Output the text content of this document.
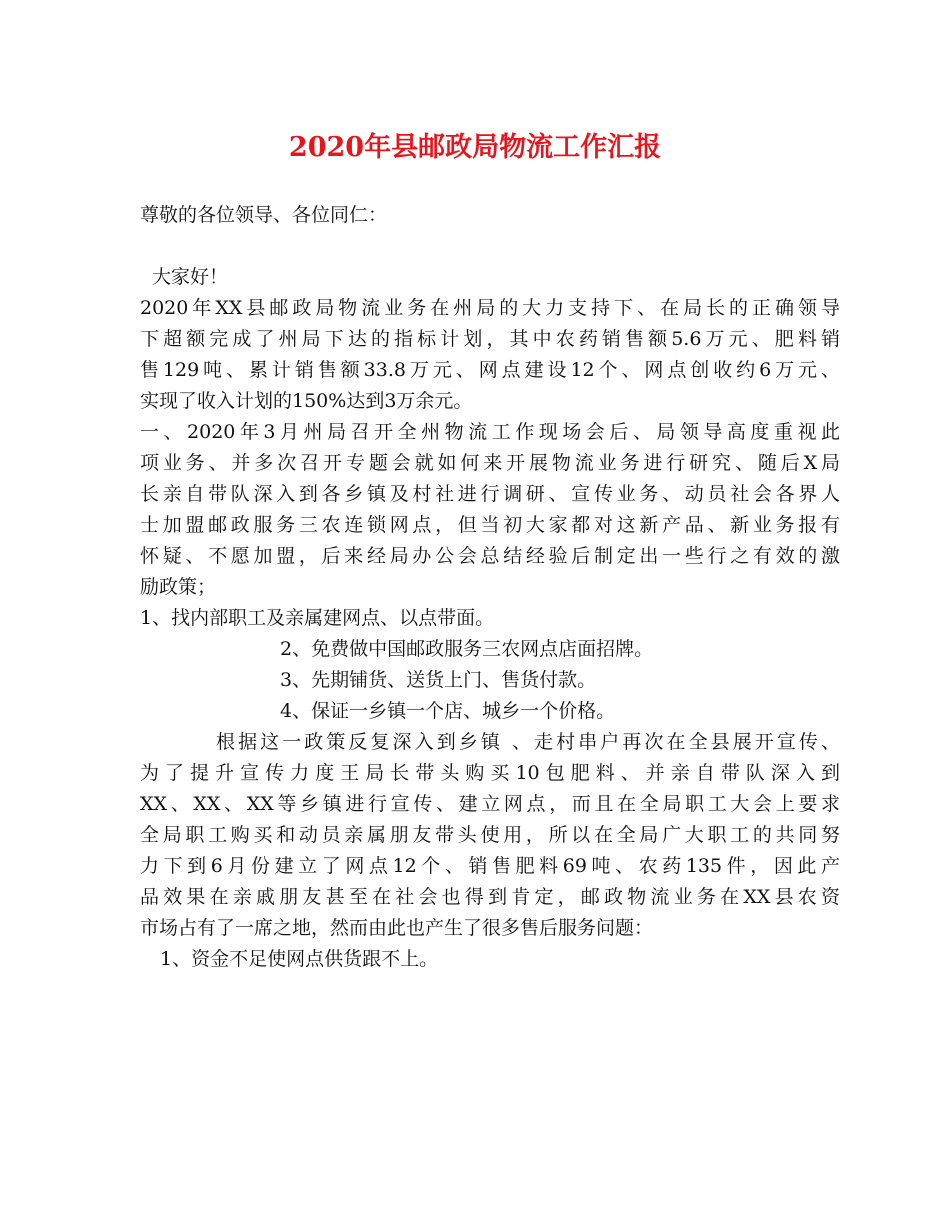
2020年县邮政局物流工作汇报
尊敬的各位领导、各位同仁：
大家好！
2020年XX县邮政局物流业务在州局的大力支持下、在局长的正确领导
下超额完成了州局下达的指标计划，其中农药销售额5.6万元、肥料销
售129吨、累计销售额33.8万元、网点建设12个、网点创收约6万元、
实现了收入计划的150%达到3万余元。
一、2020年3月州局召开全州物流工作现场会后、局领导高度重视此
项业务、并多次召开专题会就如何来开展物流业务进行研究、随后X局
长亲自带队深入到各乡镇及村社进行调研、宣传业务、动员社会各界人
士加盟邮政服务三农连锁网点，但当初大家都对这新产品、新业务报有
怀疑、不愿加盟，后来经局办公会总结经验后制定出一些行之有效的激
励政策；
1、找内部职工及亲属建网点、以点带面。
2、免费做中国邮政服务三农网点店面招牌。
3、先期铺货、送货上门、售货付款。
4、保证一乡镇一个店、城乡一个价格。
根据这一政策反复深入到乡镇 、走村串户再次在全县展开宣传、
为了提升宣传力度王局长带头购买10包肥料、并亲自带队深入到
XX、XX、XX等乡镇进行宣传、建立网点，而且在全局职工大会上要求
全局职工购买和动员亲属朋友带头使用，所以在全局广大职工的共同努
力下到6月份建立了网点12个、销售肥料69吨、农药135件，因此产
品效果在亲戚朋友甚至在社会也得到肯定，邮政物流业务在XX县农资
市场占有了一席之地，然而由此也产生了很多售后服务问题：
1、资金不足使网点供货跟不上。
